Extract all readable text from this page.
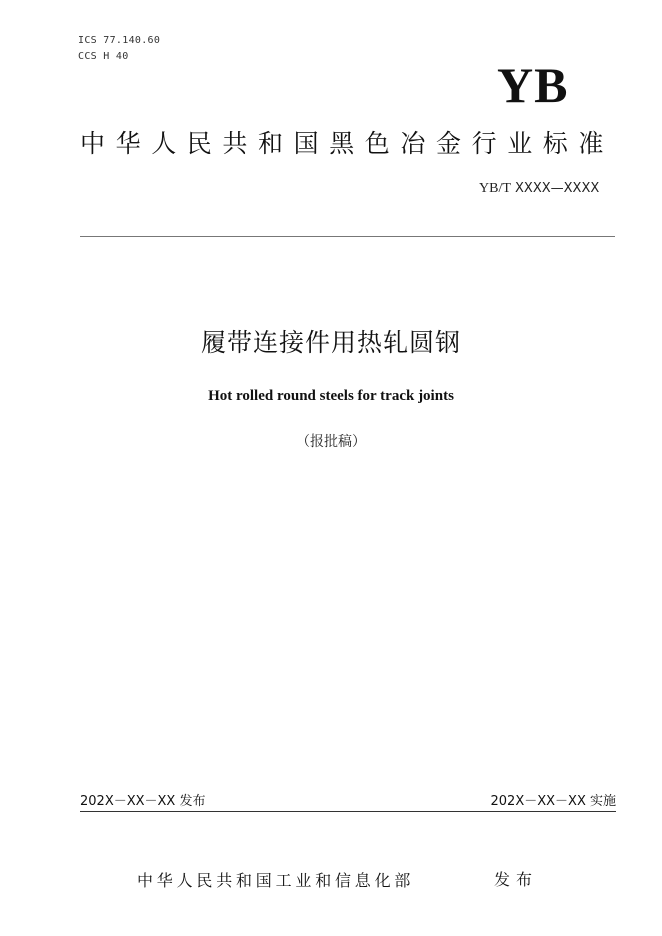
ICS 77.140.60
CCS H 40
YB
中华人民共和国黑色冶金行业标准
YB/T XXXX—XXXX
履带连接件用热轧圆钢
Hot rolled round steels for track joints
（报批稿）
202X－XX－XX 发布	202X－XX－XX 实施
中华人民共和国工业和信息化部	发布
